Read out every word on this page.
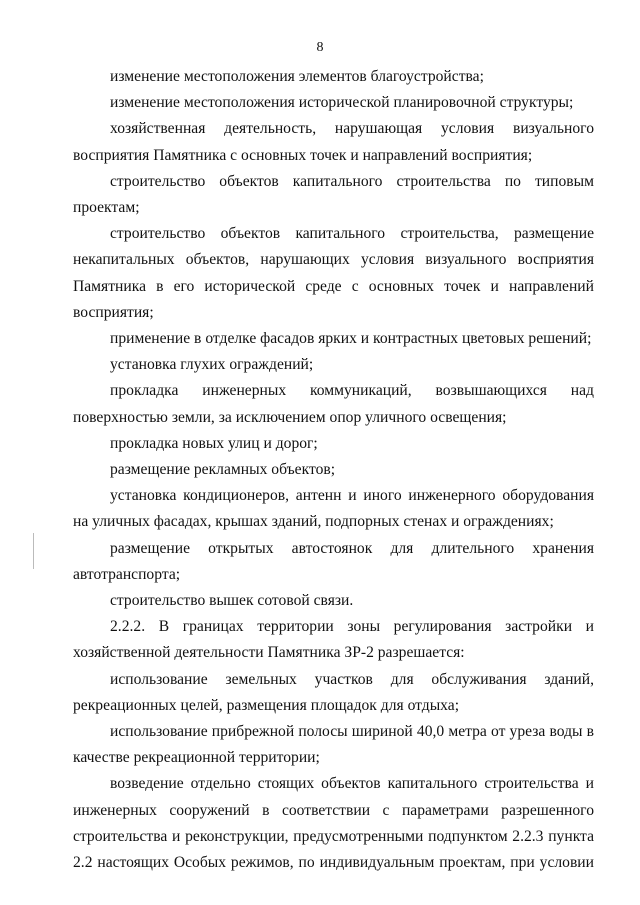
8

изменение местоположения элементов благоустройства;

изменение местоположения исторической планировочной структуры;

хозяйственная деятельность, нарушающая условия визуального восприятия Памятника с основных точек и направлений восприятия;

строительство объектов капитального строительства по типовым проектам;

строительство объектов капитального строительства, размещение некапитальных объектов, нарушающих условия визуального восприятия Памятника в его исторической среде с основных точек и направлений восприятия;

применение в отделке фасадов ярких и контрастных цветовых решений;

установка глухих ограждений;

прокладка инженерных коммуникаций, возвышающихся над поверхностью земли, за исключением опор уличного освещения;

прокладка новых улиц и дорог;

размещение рекламных объектов;

установка кондиционеров, антенн и иного инженерного оборудования на уличных фасадах, крышах зданий, подпорных стенах и ограждениях;

размещение открытых автостоянок для длительного хранения автотранспорта;

строительство вышек сотовой связи.

2.2.2. В границах территории зоны регулирования застройки и хозяйственной деятельности Памятника ЗР-2 разрешается:

использование земельных участков для обслуживания зданий, рекреационных целей, размещения площадок для отдыха;

использование прибрежной полосы шириной 40,0 метра от уреза воды в качестве рекреационной территории;

возведение отдельно стоящих объектов капитального строительства и инженерных сооружений в соответствии с параметрами разрешенного строительства и реконструкции, предусмотренными подпунктом 2.2.3 пункта 2.2 настоящих Особых режимов, по индивидуальным проектам, при условии
